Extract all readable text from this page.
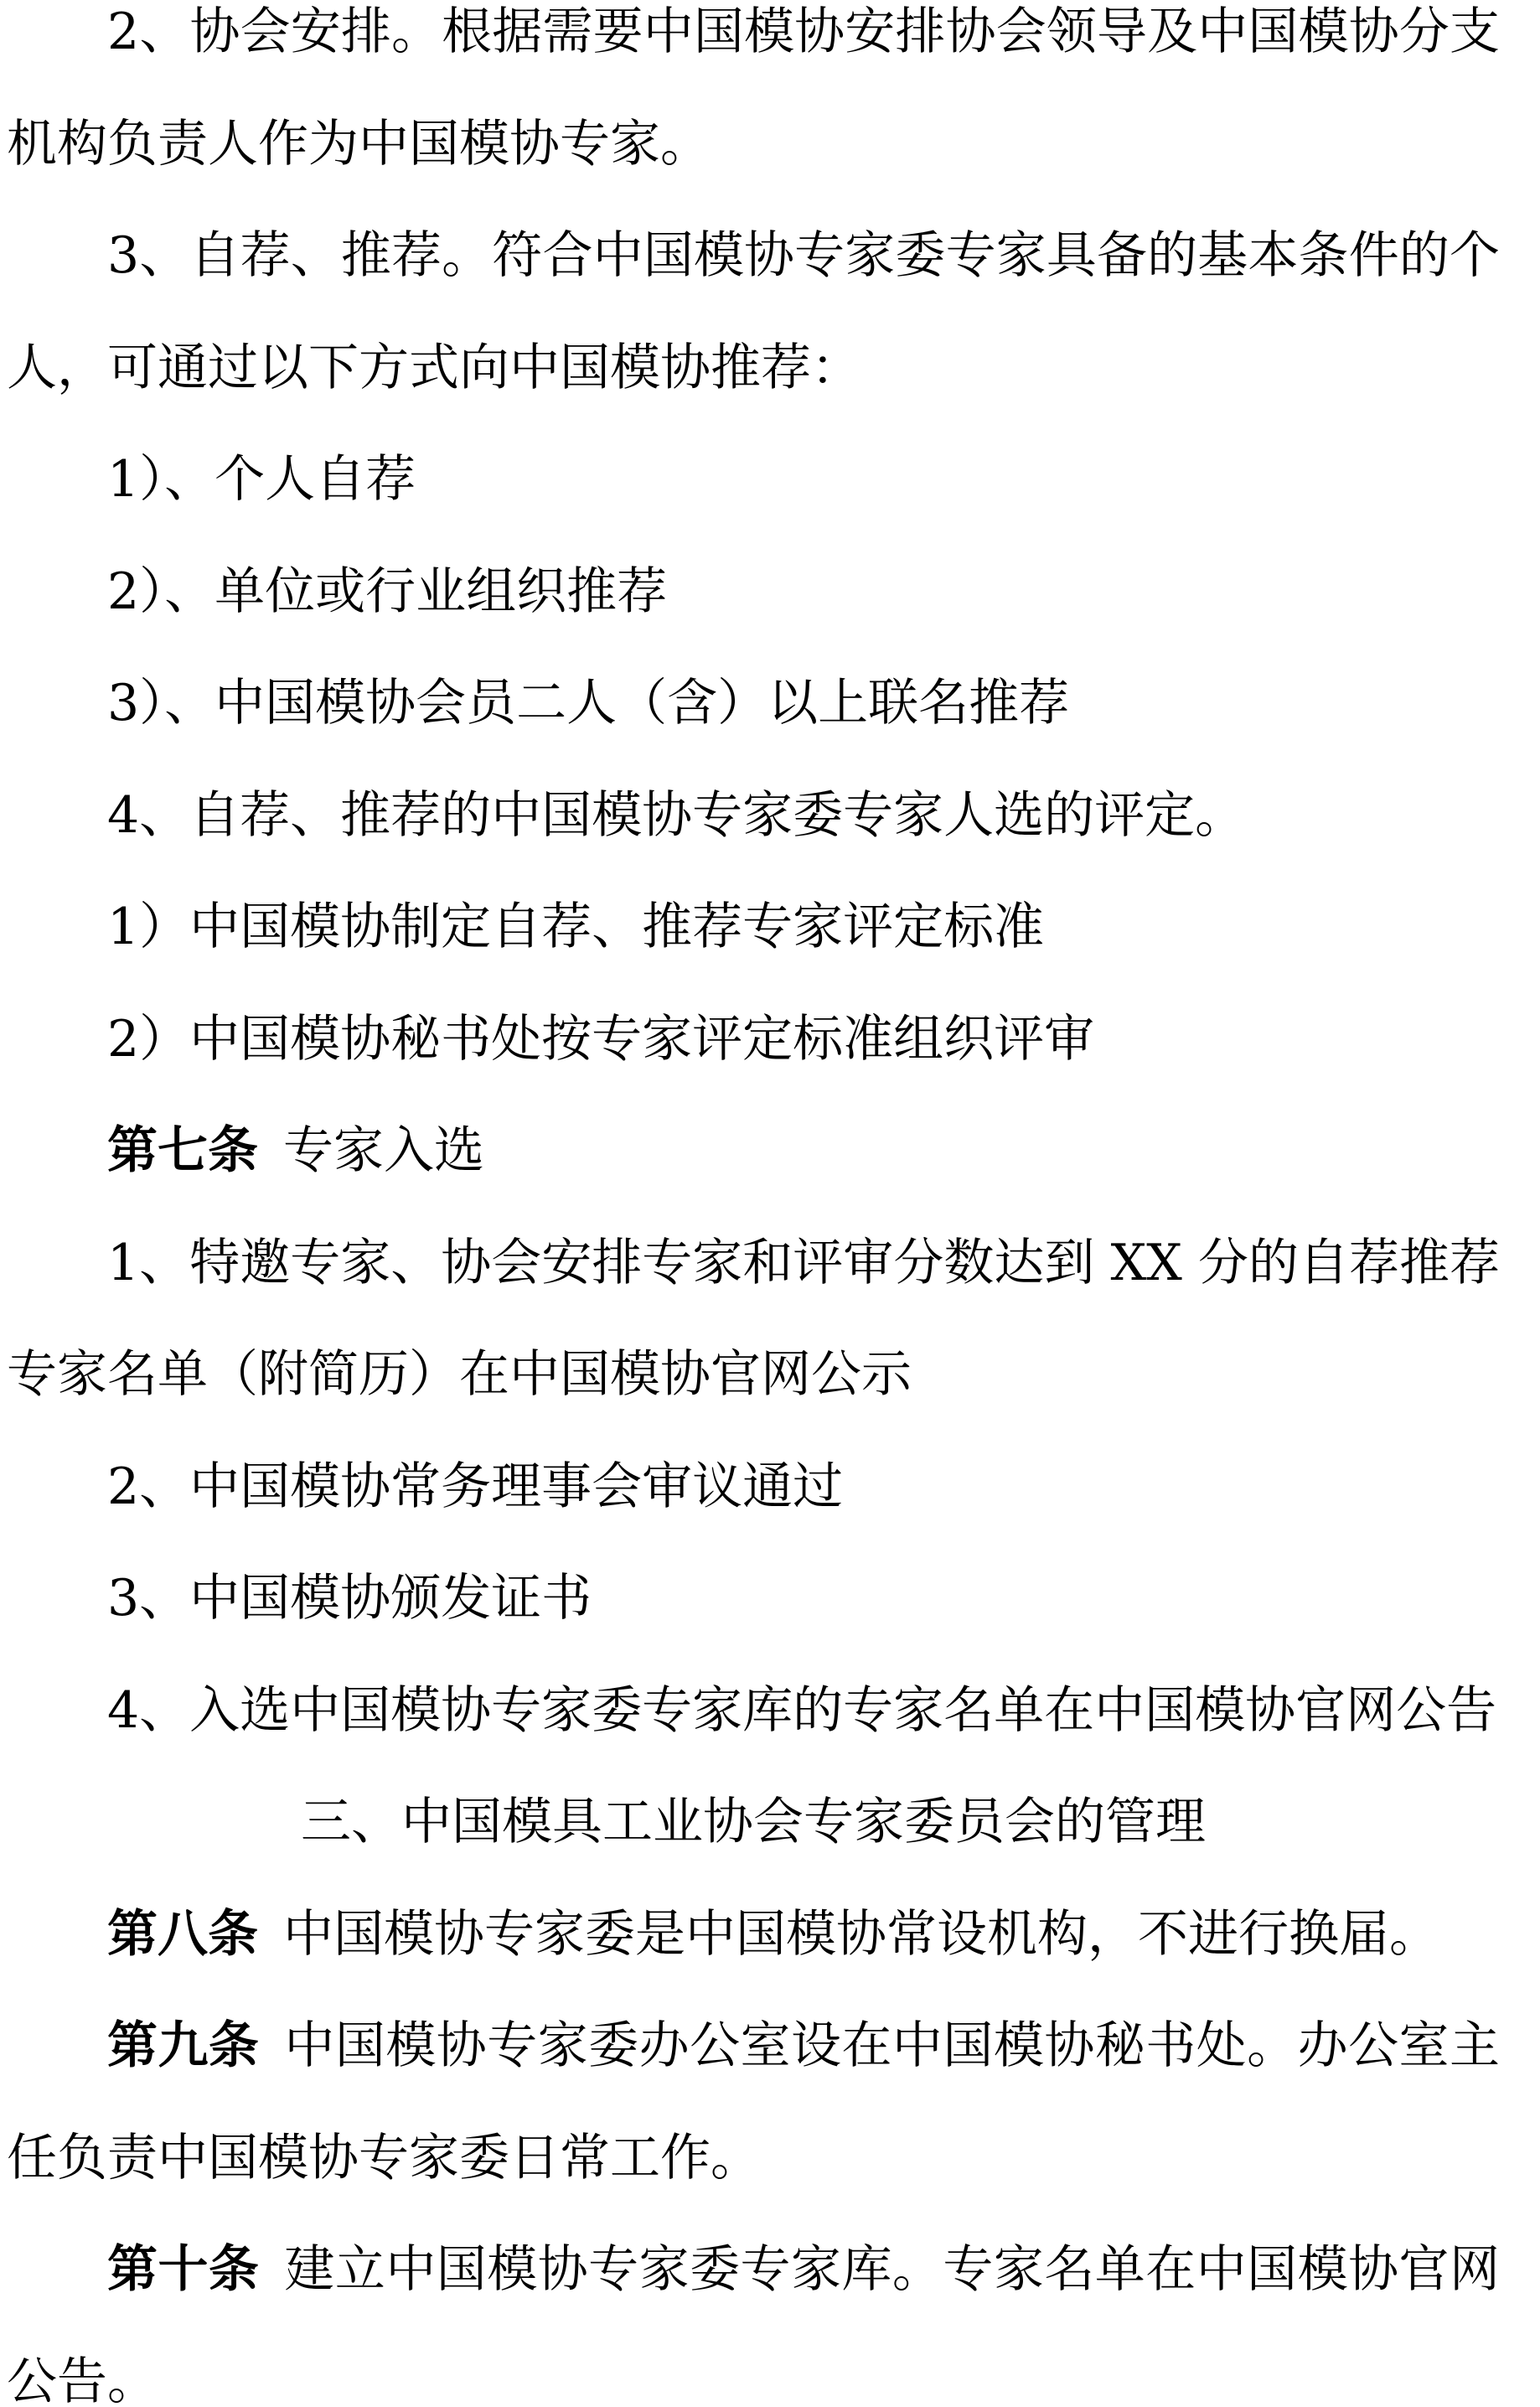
2、协会安排。根据需要中国模协安排协会领导及中国模协分支机构负责人作为中国模协专家。

3、自荐、推荐。符合中国模协专家委专家具备的基本条件的个人，可通过以下方式向中国模协推荐：

1）、个人自荐

2）、单位或行业组织推荐

3）、中国模协会员二人（含）以上联名推荐

4、自荐、推荐的中国模协专家委专家人选的评定。

1）中国模协制定自荐、推荐专家评定标准

2）中国模协秘书处按专家评定标准组织评审

第七条 专家入选

1、特邀专家、协会安排专家和评审分数达到 XX 分的自荐推荐专家名单（附简历）在中国模协官网公示

2、中国模协常务理事会审议通过

3、中国模协颁发证书

4、入选中国模协专家委专家库的专家名单在中国模协官网公告

三、中国模具工业协会专家委员会的管理

第八条 中国模协专家委是中国模协常设机构，不进行换届。

第九条 中国模协专家委办公室设在中国模协秘书处。办公室主任负责中国模协专家委日常工作。

第十条 建立中国模协专家委专家库。专家名单在中国模协官网公告。
